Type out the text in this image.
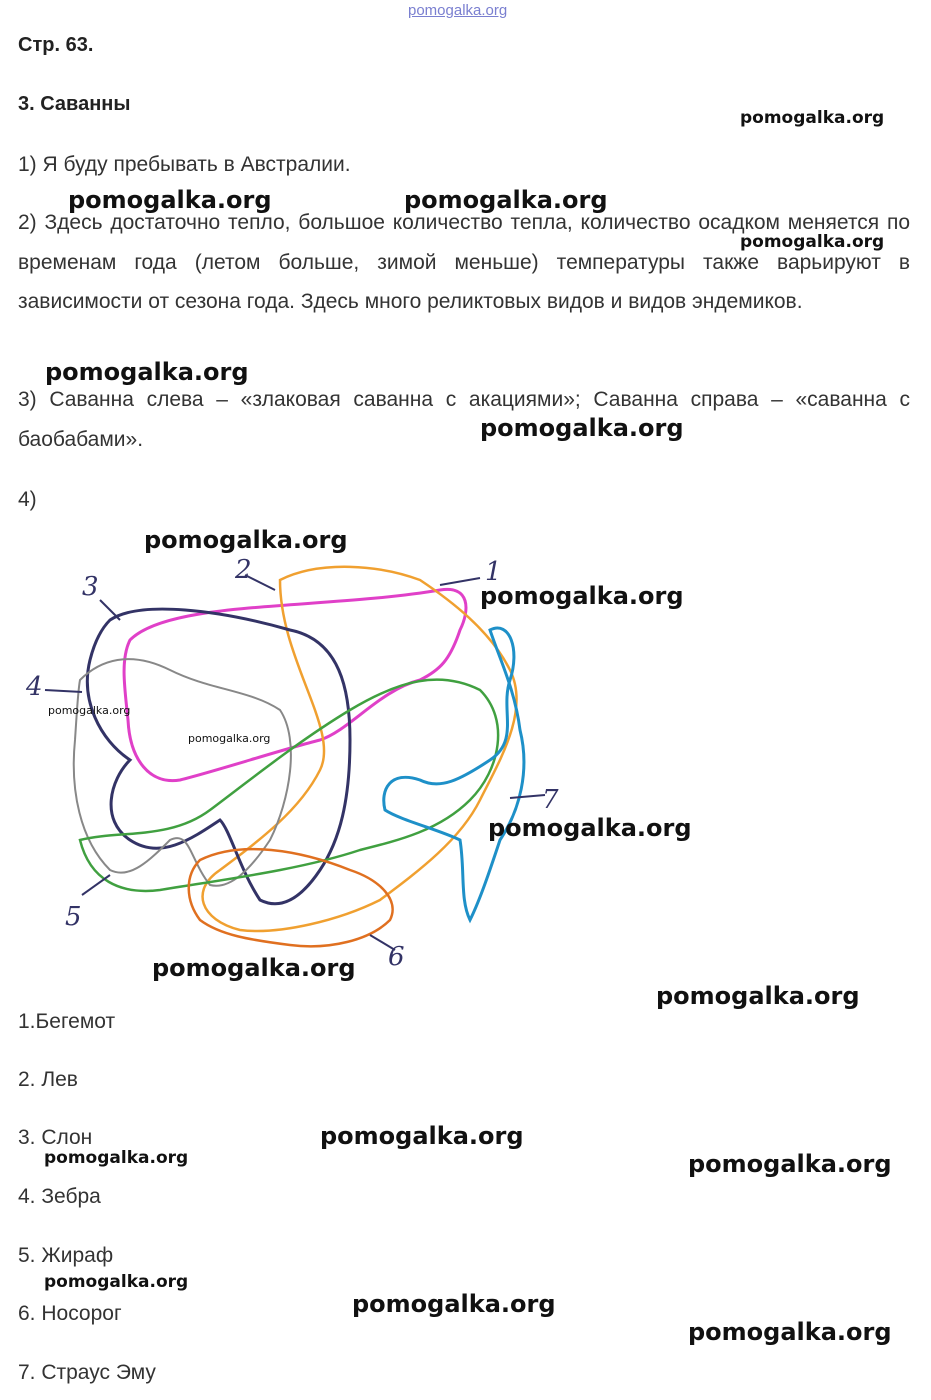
pomogalka.org
Стр. 63.
3. Саванны
1) Я буду пребывать в Австралии.
2) Здесь достаточно тепло, большое количество тепла, количество осадком меняется по временам года (летом больше, зимой меньше) температуры также варьируют в зависимости от сезона года. Здесь много реликтовых видов и видов эндемиков.
3) Саванна слева – «злаковая саванна с акациями»; Саванна справа – «саванна с баобабами».
4)
1
2
3
4
5
6
7
1.Бегемот
2. Лев
3. Слон
4. Зебра
5. Жираф
6. Носорог
7. Страус Эму
pomogalka.org
pomogalka.org	pomogalka.org
pomogalka.org
pomogalka.org
pomogalka.org
pomogalka.org
pomogalka.org
pomogalka.org
pomogalka.org
pomogalka.org
pomogalka.org
pomogalka.org
pomogalka.org
pomogalka.org	pomogalka.org
pomogalka.org
pomogalka.org
pomogalka.org
